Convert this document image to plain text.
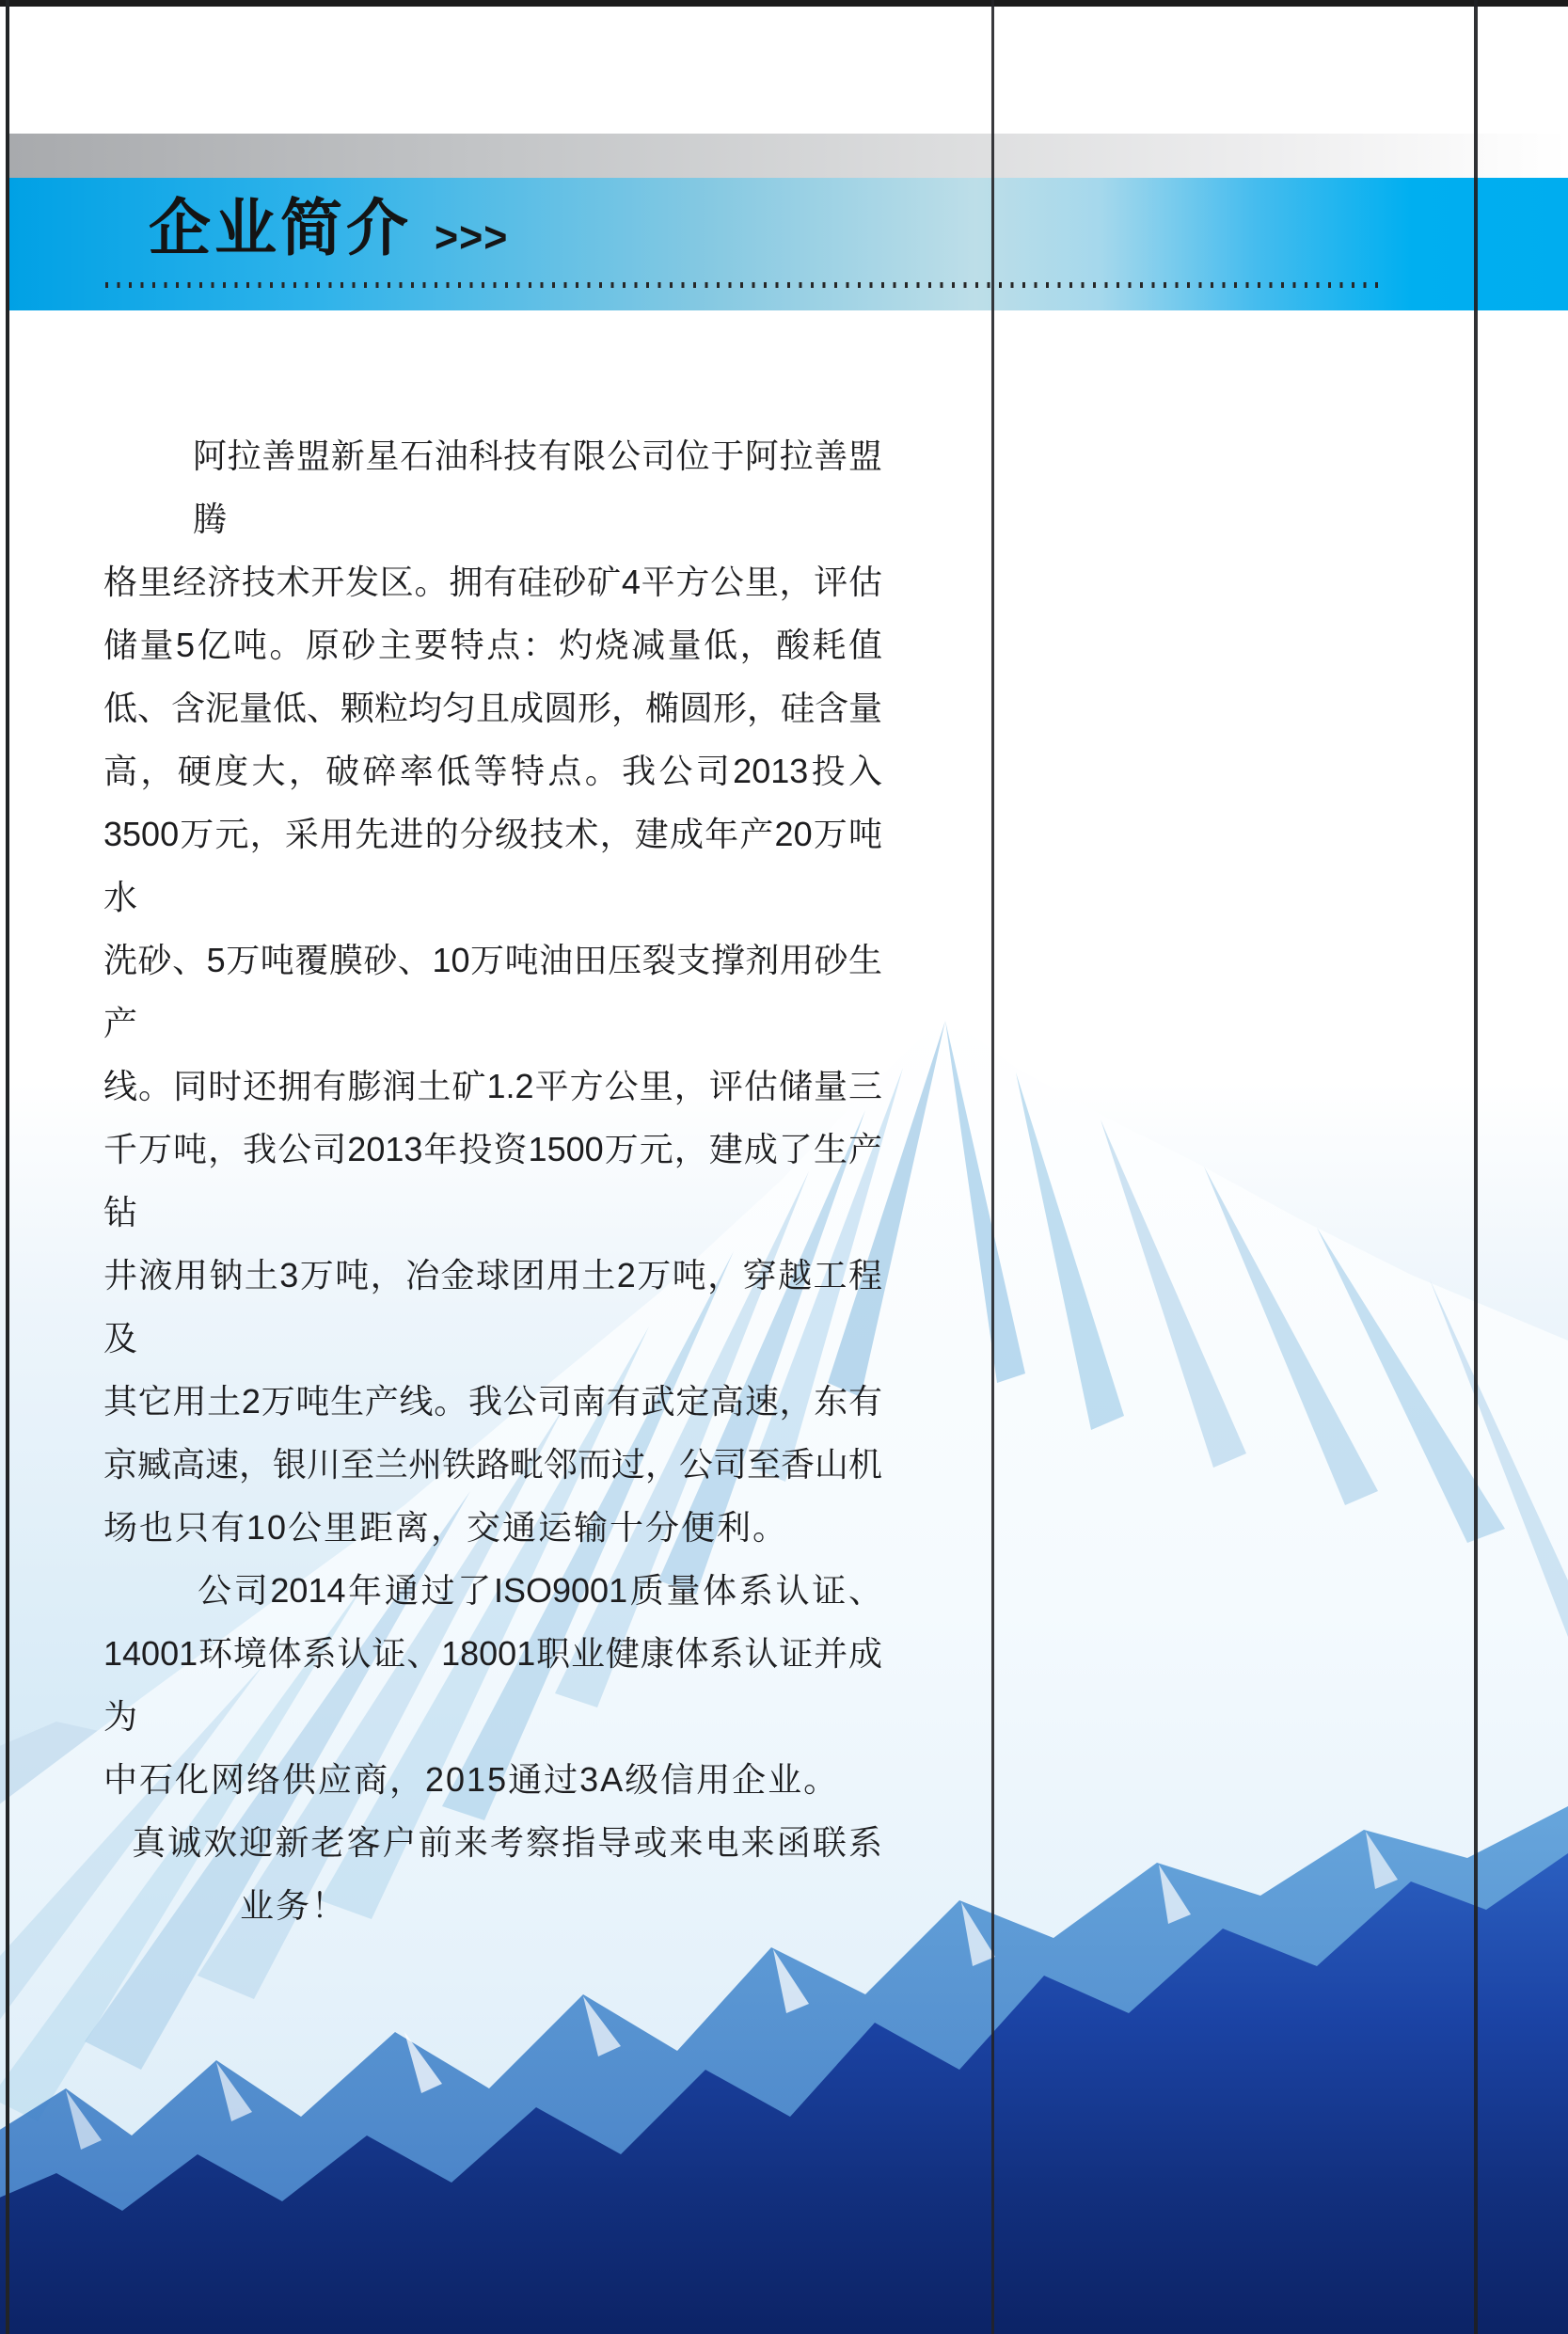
企业简介 >>>
阿拉善盟新星石油科技有限公司位于阿拉善盟腾
格里经济技术开发区。拥有硅砂矿4平方公里，评估
储量5亿吨。原砂主要特点：灼烧减量低，酸耗值
低、含泥量低、颗粒均匀且成圆形，椭圆形，硅含量
高，硬度大，破碎率低等特点。我公司2013投入
3500万元，采用先进的分级技术，建成年产20万吨水
洗砂、5万吨覆膜砂、10万吨油田压裂支撑剂用砂生产
线。同时还拥有膨润土矿1.2平方公里，评估储量三
千万吨，我公司2013年投资1500万元，建成了生产钻
井液用钠土3万吨，冶金球团用土2万吨，穿越工程及
其它用土2万吨生产线。我公司南有武定高速，东有
京臧高速，银川至兰州铁路毗邻而过，公司至香山机
场也只有10公里距离，交通运输十分便利。
公司2014年通过了ISO9001质量体系认证、
14001环境体系认证、18001职业健康体系认证并成为
中石化网络供应商，2015通过3A级信用企业。
真诚欢迎新老客户前来考察指导或来电来函联系
业务！
